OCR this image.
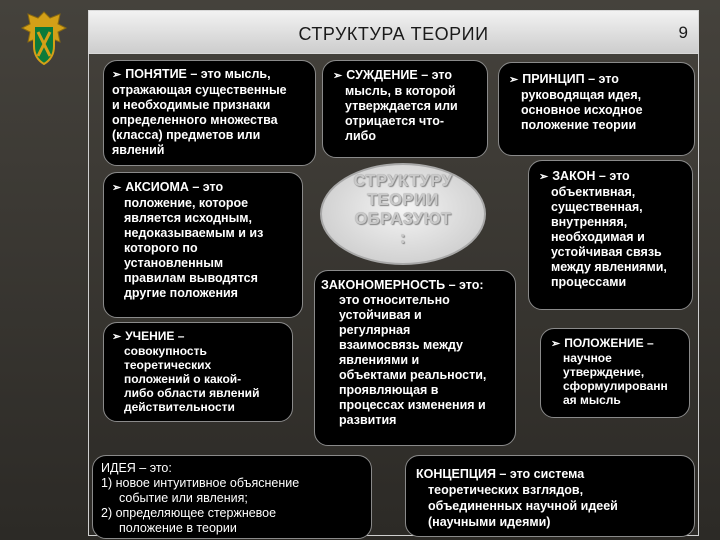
СТРУКТУРА ТЕОРИИ	9
➢ ПОНЯТИЕ – это мысль,
отражающая существенные
и необходимые признаки
определенного множества
(класса) предметов или
явлений
➢ СУЖДЕНИЕ – это
мысль, в которой
утверждается или
отрицается что-
либо
➢ ПРИНЦИП – это
руководящая идея,
основное исходное
положение теории
➢ АКСИОМА – это
положение, которое
является исходным,
недоказываемым и из
которого по
установленным
правилам выводятся
другие положения
СТРУКТУРУ
ТЕОРИИ
ОБРАЗУЮТ
:
➢ ЗАКОН – это
объективная,
существенная,
внутренняя,
необходимая и
устойчивая связь
между явлениями,
процессами
ЗАКОНОМЕРНОСТЬ – это:
это относительно
устойчивая и
регулярная
взаимосвязь между
явлениями и
объектами реальности,
проявляющая в
процессах изменения и
развития
➢ УЧЕНИЕ –
совокупность
теоретических
положений о какой-
либо области явлений
действительности
➢ ПОЛОЖЕНИЕ –
научное
утверждение,
сформулированн
ая мысль
ИДЕЯ – это:
1) новое интуитивное объяснение
событие или явления;
2) определяющее стержневое
положение в теории
КОНЦЕПЦИЯ – это система
теоретических взглядов,
объединенных научной идеей
(научными идеями)
